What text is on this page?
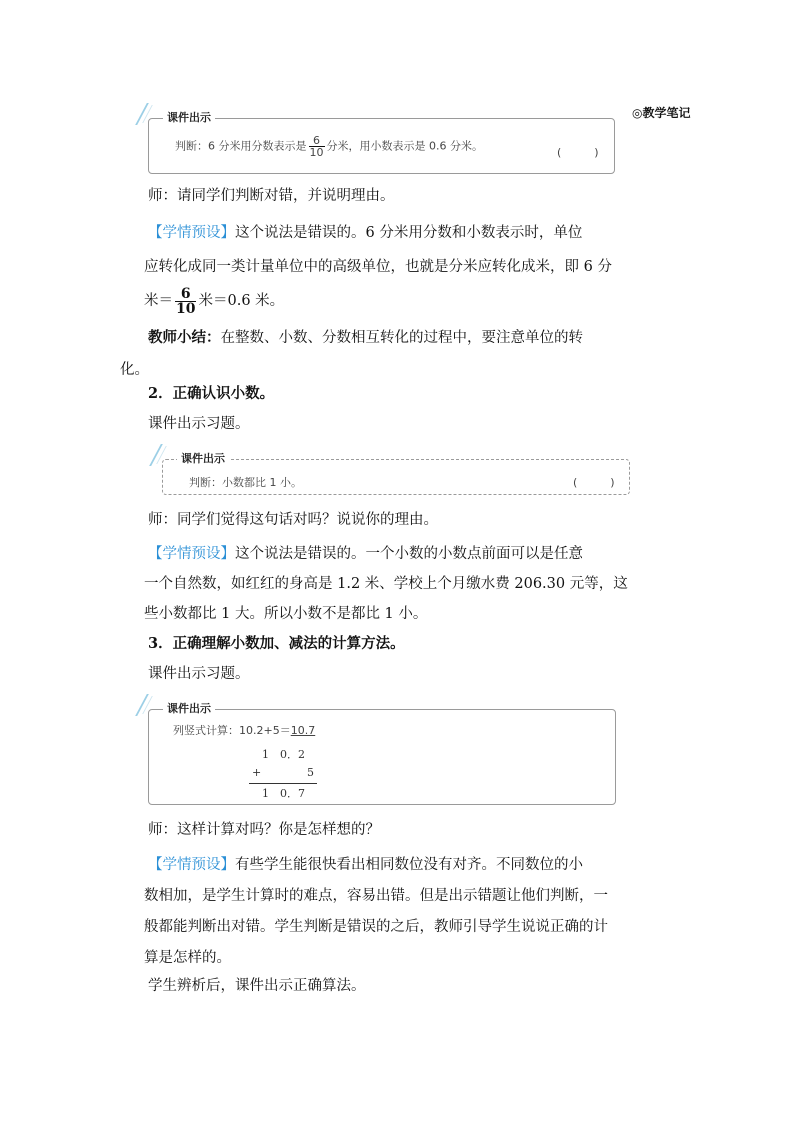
◎教学笔记
课件出示
判断：6 分米用分数表示是 $\frac{6}{10}$ 分米，用小数表示是 0.6 分米。	(　　　)
师：请同学们判断对错，并说明理由。
【学情预设】这个说法是错误的。6 分米用分数和小数表示时，单位
应转化成同一类计量单位中的高级单位，也就是分米应转化成米，即 6 分
米＝ $\frac{6}{10}$ 米＝0.6 米。
教师小结：在整数、小数、分数相互转化的过程中，要注意单位的转
化。
2．正确认识小数。
课件出示习题。
课件出示
判断：小数都比 1 小。	(　　　)
师：同学们觉得这句话对吗？说说你的理由。
【学情预设】这个说法是错误的。一个小数的小数点前面可以是任意
一个自然数，如红红的身高是 1.2 米、学校上个月缴水费 206.30 元等，这
些小数都比 1 大。所以小数不是都比 1 小。
3．正确理解小数加、减法的计算方法。
课件出示习题。
课件出示
列竖式计算：10.2+5＝10.7
1　0．2
+	5
1　0．7
师：这样计算对吗？你是怎样想的？
【学情预设】有些学生能很快看出相同数位没有对齐。不同数位的小
数相加，是学生计算时的难点，容易出错。但是出示错题让他们判断，一
般都能判断出对错。学生判断是错误的之后，教师引导学生说说正确的计
算是怎样的。
学生辨析后，课件出示正确算法。
